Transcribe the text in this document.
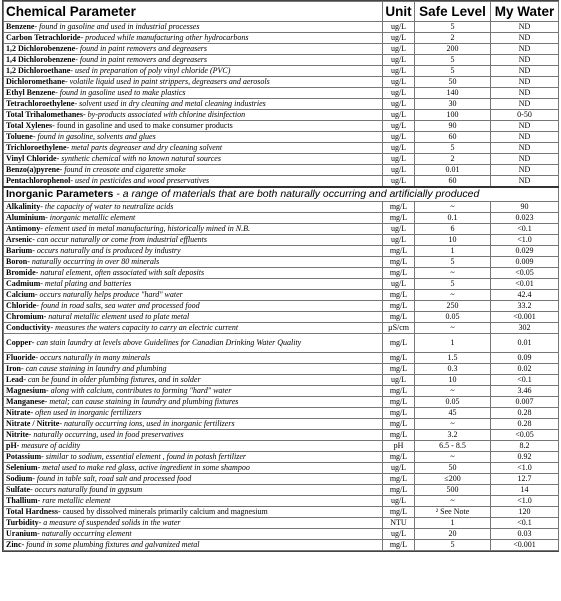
Chemical Parameter	Unit	Safe Level	My Water
Benzene- found in gasoline and used in industrial processes	ug/L	5	ND
Carbon Tetrachloride- produced while manufacturing other hydrocarbons	ug/L	2	ND
1,2 Dichlorobenzene- found in paint removers and degreasers	ug/L	200	ND
1,4 Dichlorobenzene- found in paint removers and degreasers	ug/L	5	ND
1,2 Dichloroethane- used in preparation of poly vinyl chloride (PVC)	ug/L	5	ND
Dichloromethane- volatile liquid used in paint strippers, degreasers and aerosols	ug/L	50	ND
Ethyl Benzene- found in gasoline used to make plastics	ug/L	140	ND
Tetrachloroethylene- solvent used in dry cleaning and metal cleaning industries	ug/L	30	ND
Total Trihalomethanes- by-products associated with chlorine disinfection	ug/L	100	0-50
Total Xylenes- found in gasoline and used to make consumer products	ug/L	90	ND
Toluene- found in gasoline, solvents and glues	ug/L	60	ND
Trichloroethylene- metal parts degreaser and dry cleaning solvent	ug/L	5	ND
Vinyl Chloride- synthetic chemical with no known natural sources	ug/L	2	ND
Benzo(a)pyrene- found in creosote and cigarette smoke	ug/L	0.01	ND
Pentachlorophenol- used in pesticides and wood preservatives	ug/L	60	ND
Inorganic Parameters - a range of materials that are both naturally occurring and artificially produced			
Alkalinity- the capacity of water to neutralize acids	mg/L	~	90
Aluminium- inorganic metallic element	mg/L	0.1	0.023
Antimony- element used in metal manufacturing, historically mined in N.B.	ug/L	6	<0.1
Arsenic- can occur naturally or come from industrial effluents	ug/L	10	<1.0
Barium- occurs naturally and is produced by industry	mg/L	1	0.029
Boron- naturally occurring in over 80 minerals	mg/L	5	0.009
Bromide- natural element, often associated with salt deposits	mg/L	~	<0.05
Cadmium- metal plating and batteries	ug/L	5	<0.01
Calcium- occurs naturally helps produce "hard" water	mg/L	~	42.4
Chloride- found in road salts, sea water and processed food	mg/L	250	33.2
Chromium- natural metallic element used to plate metal	mg/L	0.05	<0.001
Conductivity- measures the waters capacity to carry an electric current	µS/cm	~	302
Copper- can stain laundry at levels above Guidelines for Canadian Drinking Water Quality	mg/L	1	0.01
Fluoride- occurs naturally in many minerals	mg/L	1.5	0.09
Iron- can cause staining in laundry and plumbing	mg/L	0.3	0.02
Lead- can be found in older plumbing fixtures, and in solder	ug/L	10	<0.1
Magnesium- along with calcium, contributes to forming "hard" water	mg/L	~	3.46
Manganese- metal; can cause staining in laundry and plumbing fixtures	mg/L	0.05	0.007
Nitrate- often used in inorganic fertilizers	mg/L	45	0.28
Nitrate / Nitrite- naturally occurring ions, used in inorganic fertilizers	mg/L	~	0.28
Nitrite- naturally occurring, used in food preservatives	mg/L	3.2	<0.05
pH- measure of acidity	pH	6.5 - 8.5	8.2
Potassium- similar to sodium, essential element , found in potash fertilizer	mg/L	~	0.92
Selenium- metal used to make red glass, active ingredient in some shampoo	ug/L	50	<1.0
Sodium- found in table salt, road salt and processed food	mg/L	≤200	12.7
Sulfate- occurs naturally found in gypsum	mg/L	500	14
Thallium- rare metallic element	ug/L	~	<1.0
Total Hardness- caused by dissolved minerals primarily calcium and magnesium	mg/L	² See Note	120
Turbidity- a measure of suspended solids in the water	NTU	1	<0.1
Uranium- naturally occurring element	ug/L	20	0.03
Zinc- found in some plumbing fixtures and galvanized metal	mg/L	5	<0.001
